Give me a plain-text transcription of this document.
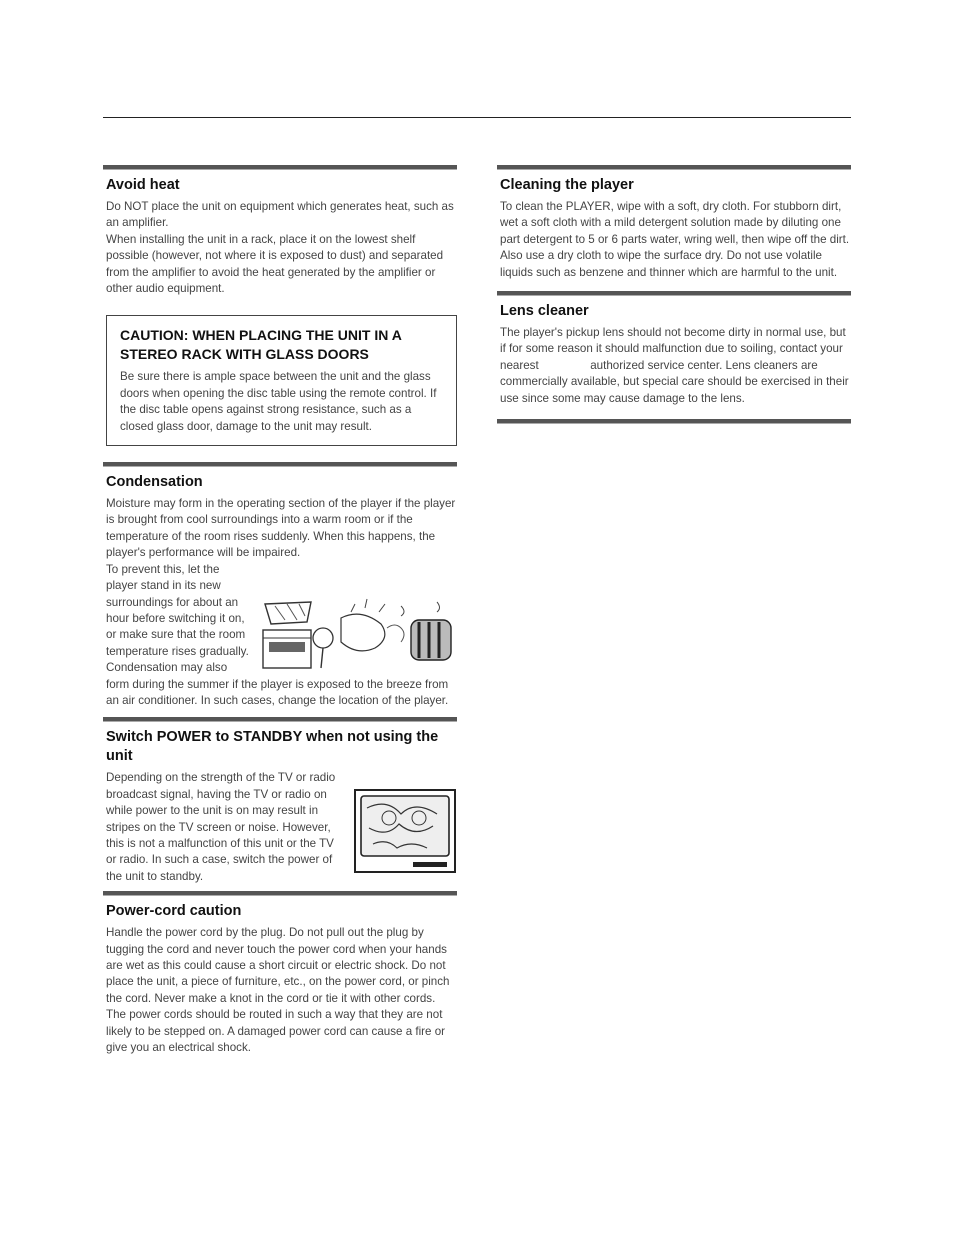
Avoid heat

Do NOT place the unit on equipment which generates heat, such as an amplifier.

When installing the unit in a rack, place it on the lowest shelf possible (however, not where it is exposed to dust) and separated from the amplifier to avoid the heat generated by the amplifier or other audio equipment.

CAUTION: WHEN PLACING THE UNIT IN A STEREO RACK WITH GLASS DOORS

Be sure there is ample space between the unit and the glass doors when opening the disc table using the remote control. If the disc table opens against strong resistance, such as a closed glass door, damage to the unit may result.

Condensation

Moisture may form in the operating section of the player if the player is brought from cool surroundings into a warm room or if the temperature of the room rises suddenly. When this happens, the player's performance will be impaired.

To prevent this, let the player stand in its new surroundings for about an hour before switching it on, or make sure that the room temperature rises gradually. Condensation may also form during the summer if the player is exposed to the breeze from an air conditioner. In such cases, change the location of the player.

Switch POWER to STANDBY when not using the unit

Depending on the strength of the TV or radio broadcast signal, having the TV or radio on while power to the unit is on may result in stripes on the TV screen or noise. However, this is not a malfunction of this unit or the TV or radio. In such a case, switch the power of the unit to standby.

Power-cord caution

Handle the power cord by the plug. Do not pull out the plug by tugging the cord and never touch the power cord when your hands are wet as this could cause a short circuit or electric shock. Do not place the unit, a piece of furniture, etc., on the power cord, or pinch the cord. Never make a knot in the cord or tie it with other cords. The power cords should be routed in such a way that they are not likely to be stepped on. A damaged power cord can cause a fire or give you an electrical shock.

Cleaning the player

To clean the PLAYER, wipe with a soft, dry cloth. For stubborn dirt, wet a soft cloth with a mild detergent solution made by diluting one part detergent to 5 or 6 parts water, wring well, then wipe off the dirt. Also use a dry cloth to wipe the surface dry. Do not use volatile liquids such as benzene and thinner which are harmful to the unit.

Lens cleaner

The player's pickup lens should not become dirty in normal use, but if for some reason it should malfunction due to soiling, contact your nearest                authorized service center. Lens cleaners are commercially available, but special care should be exercised in their use since some may cause damage to the lens.
